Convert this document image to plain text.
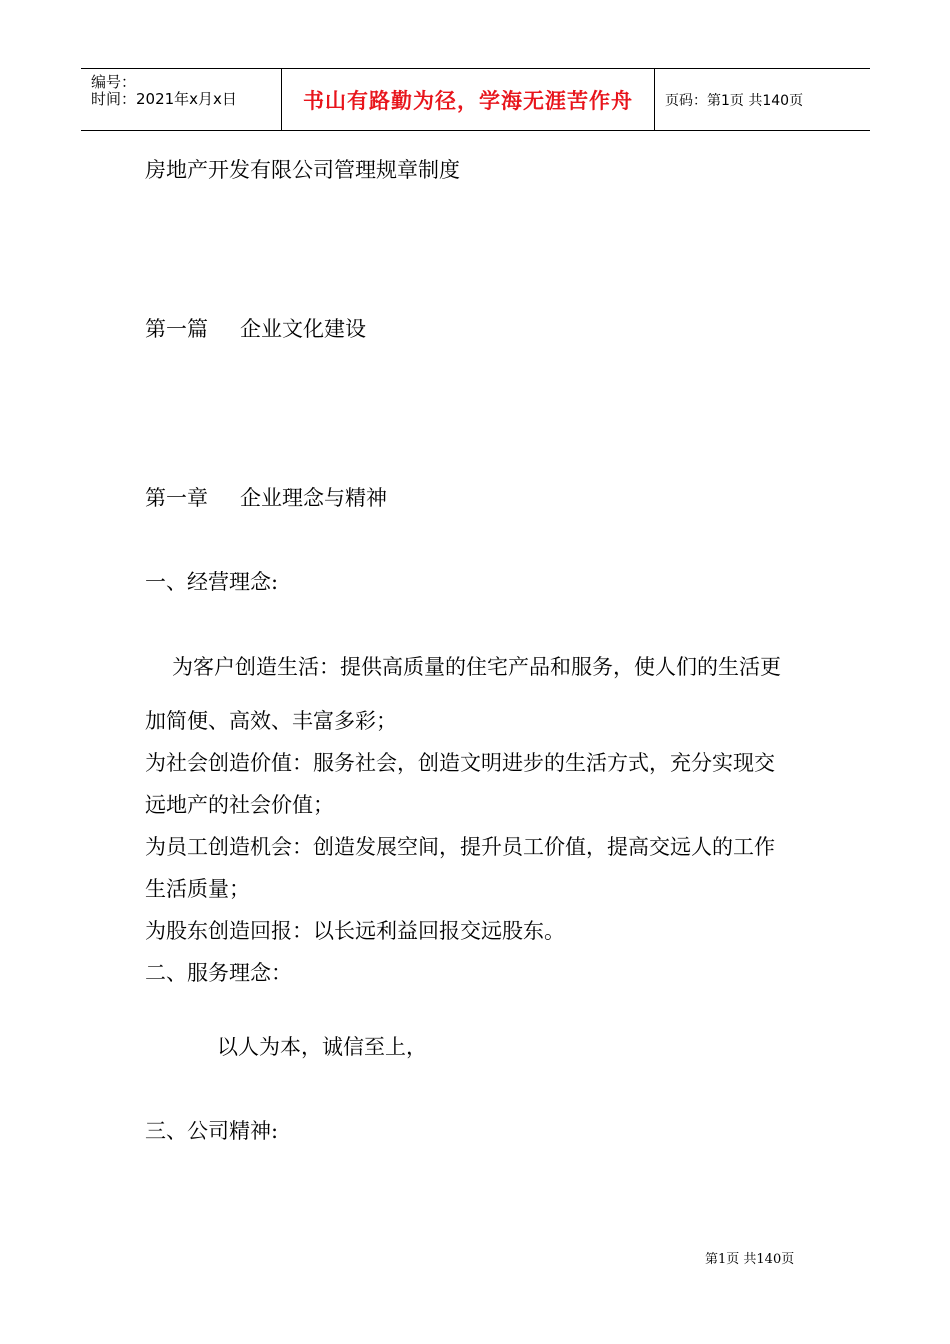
编号：
时间：2021年x月x日	书山有路勤为径，学海无涯苦作舟 页码：第1页 共140页
房地产开发有限公司管理规章制度
第一篇 企业文化建设
第一章 企业理念与精神
一、经营理念:
为客户创造生活：提供高质量的住宅产品和服务，使人们的生活更
加简便、高效、丰富多彩；
为社会创造价值：服务社会，创造文明进步的生活方式，充分实现交
远地产的社会价值；
为员工创造机会：创造发展空间，提升员工价值，提高交远人的工作
生活质量；
为股东创造回报：以长远利益回报交远股东。
二、服务理念：
以人为本，诚信至上，
三、公司精神:
第1页 共140页
